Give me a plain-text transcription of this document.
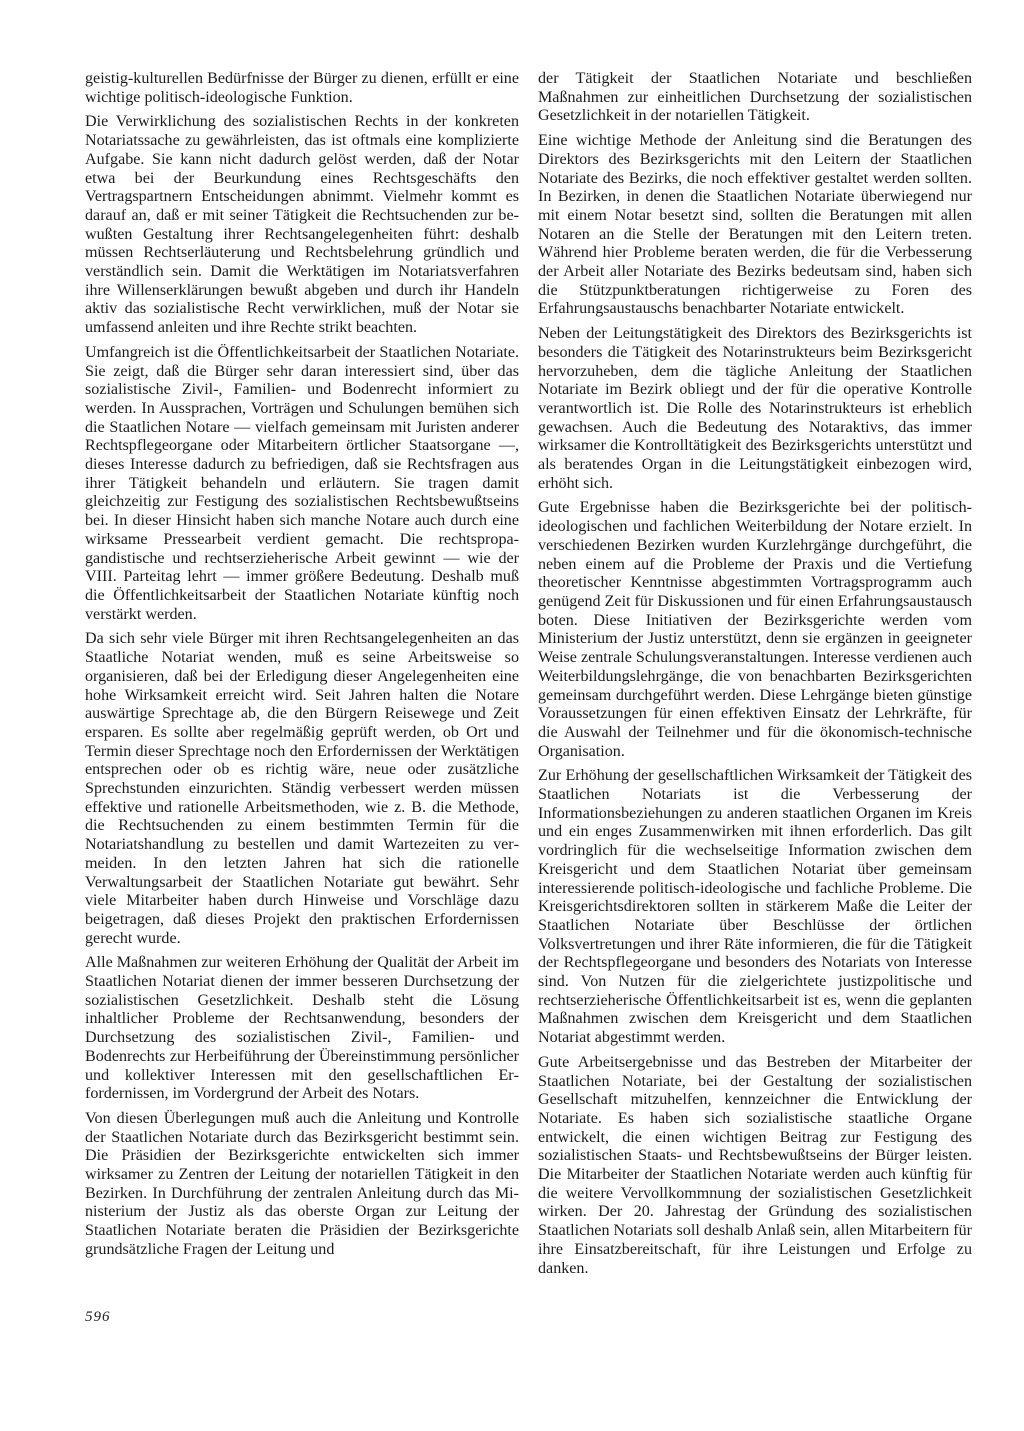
geistig-kulturellen Bedürfnisse der Bürger zu dienen, erfüllt er eine wichtige politisch-ideologische Funktion.

Die Verwirklichung des sozialistischen Rechts in der konkreten Notariatssache zu gewährleisten, das ist oftmals eine komplizierte Aufgabe. Sie kann nicht dadurch gelöst werden, daß der Notar etwa bei der Beurkundung eines Rechtsgeschäfts den Vertragspartnern Entscheidungen abnimmt. Vielmehr kommt es darauf an, daß er mit seiner Tätigkeit die Rechtsuchenden zur bewußten Gestaltung ihrer Rechtsangelegenheiten führt: deshalb müssen Rechtserläuterung und Rechtsbelehrung gründlich und verständlich sein. Damit die Werktätigen im Notariatsverfahren ihre Willenserklärungen bewußt abgeben und durch ihr Handeln aktiv das sozialistische Recht verwirklichen, muß der Notar sie umfassend anleiten und ihre Rechte strikt beachten.

Umfangreich ist die Öffentlichkeitsarbeit der Staatlichen Notariate. Sie zeigt, daß die Bürger sehr daran interessiert sind, über das sozialistische Zivil-, Familien- und Bodenrecht informiert zu werden. In Aussprachen, Vorträgen und Schulungen bemühen sich die Staatlichen Notare — vielfach gemeinsam mit Juristen anderer Rechtspflegeorgane oder Mitarbeitern örtlicher Staatsorgane —, dieses Interesse dadurch zu befriedigen, daß sie Rechtsfragen aus ihrer Tätigkeit behandeln und erläutern. Sie tragen damit gleichzeitig zur Festigung des sozialistischen Rechtsbewußtseins bei. In dieser Hinsicht haben sich manche Notare auch durch eine wirksame Pressearbeit verdient gemacht. Die rechtspropagandistische und rechtserzieherische Arbeit gewinnt — wie der VIII. Parteitag lehrt — immer größere Bedeutung. Deshalb muß die Öffentlichkeitsarbeit der Staatlichen Notariate künftig noch verstärkt werden.

Da sich sehr viele Bürger mit ihren Rechtsangelegenheiten an das Staatliche Notariat wenden, muß es seine Arbeitsweise so organisieren, daß bei der Erledigung dieser Angelegenheiten eine hohe Wirksamkeit erreicht wird. Seit Jahren halten die Notare auswärtige Sprechtage ab, die den Bürgern Reisewege und Zeit ersparen. Es sollte aber regelmäßig geprüft werden, ob Ort und Termin dieser Sprechtage noch den Erfordernissen der Werktätigen entsprechen oder ob es richtig wäre, neue oder zusätzliche Sprechstunden einzurichten. Ständig verbessert werden müssen effektive und rationelle Arbeitsmethoden, wie z. B. die Methode, die Rechtsuchenden zu einem bestimmten Termin für die Notariatshandlung zu bestellen und damit Wartezeiten zu vermeiden. In den letzten Jahren hat sich die rationelle Verwaltungsarbeit der Staatlichen Notariate gut bewährt. Sehr viele Mitarbeiter haben durch Hinweise und Vorschläge dazu beigetragen, daß dieses Projekt den praktischen Erfordernissen gerecht wurde.

Alle Maßnahmen zur weiteren Erhöhung der Qualität der Arbeit im Staatlichen Notariat dienen der immer besseren Durchsetzung der sozialistischen Gesetzlichkeit. Deshalb steht die Lösung inhaltlicher Probleme der Rechtsanwendung, besonders der Durchsetzung des sozialistischen Zivil-, Familien- und Bodenrechts zur Herbeiführung der Übereinstimmung persönlicher und kollektiver Interessen mit den gesellschaftlichen Erfordernissen, im Vordergrund der Arbeit des Notars.

Von diesen Überlegungen muß auch die Anleitung und Kontrolle der Staatlichen Notariate durch das Bezirksgericht bestimmt sein. Die Präsidien der Bezirksgerichte entwickelten sich immer wirksamer zu Zentren der Leitung der notariellen Tätigkeit in den Bezirken. In Durchführung der zentralen Anleitung durch das Ministerium der Justiz als das oberste Organ zur Leitung der Staatlichen Notariate beraten die Präsidien der Bezirksgerichte grundsätzliche Fragen der Leitung und

der Tätigkeit der Staatlichen Notariate und beschließen Maßnahmen zur einheitlichen Durchsetzung der sozialistischen Gesetzlichkeit in der notariellen Tätigkeit.

Eine wichtige Methode der Anleitung sind die Beratungen des Direktors des Bezirksgerichts mit den Leitern der Staatlichen Notariate des Bezirks, die noch effektiver gestaltet werden sollten. In Bezirken, in denen die Staatlichen Notariate überwiegend nur mit einem Notar besetzt sind, sollten die Beratungen mit allen Notaren an die Stelle der Beratungen mit den Leitern treten. Während hier Probleme beraten werden, die für die Verbesserung der Arbeit aller Notariate des Bezirks bedeutsam sind, haben sich die Stützpunktberatungen richtigerweise zu Foren des Erfahrungsaustauschs benachbarter Notariate entwickelt.

Neben der Leitungstätigkeit des Direktors des Bezirksgerichts ist besonders die Tätigkeit des Notarinstrukteurs beim Bezirksgericht hervorzuheben, dem die tägliche Anleitung der Staatlichen Notariate im Bezirk obliegt und der für die operative Kontrolle verantwortlich ist. Die Rolle des Notarinstrukteurs ist erheblich gewachsen. Auch die Bedeutung des Notaraktivs, das immer wirksamer die Kontrolltätigkeit des Bezirksgerichts unterstützt und als beratendes Organ in die Leitungstätigkeit einbezogen wird, erhöht sich.

Gute Ergebnisse haben die Bezirksgerichte bei der politisch-ideologischen und fachlichen Weiterbildung der Notare erzielt. In verschiedenen Bezirken wurden Kurzlehrgänge durchgeführt, die neben einem auf die Probleme der Praxis und die Vertiefung theoretischer Kenntnisse abgestimmten Vortragsprogramm auch genügend Zeit für Diskussionen und für einen Erfahrungsaustausch boten. Diese Initiativen der Bezirksgerichte werden vom Ministerium der Justiz unterstützt, denn sie ergänzen in geeigneter Weise zentrale Schulungsveranstaltungen. Interesse verdienen auch Weiterbildungslehrgänge, die von benachbarten Bezirksgerichten gemeinsam durchgeführt werden. Diese Lehrgänge bieten günstige Voraussetzungen für einen effektiven Einsatz der Lehrkräfte, für die Auswahl der Teilnehmer und für die ökonomisch-technische Organisation.

Zur Erhöhung der gesellschaftlichen Wirksamkeit der Tätigkeit des Staatlichen Notariats ist die Verbesserung der Informationsbeziehungen zu anderen staatlichen Organen im Kreis und ein enges Zusammenwirken mit ihnen erforderlich. Das gilt vordringlich für die wechselseitige Information zwischen dem Kreisgericht und dem Staatlichen Notariat über gemeinsam interessierende politisch-ideologische und fachliche Probleme. Die Kreisgerichtsdirektoren sollten in stärkerem Maße die Leiter der Staatlichen Notariate über Beschlüsse der örtlichen Volksvertretungen und ihrer Räte informieren, die für die Tätigkeit der Rechtspflegeorgane und besonders des Notariats von Interesse sind. Von Nutzen für die zielgerichtete justizpolitische und rechtserzieherische Öffentlichkeitsarbeit ist es, wenn die geplanten Maßnahmen zwischen dem Kreisgericht und dem Staatlichen Notariat abgestimmt werden.

Gute Arbeitsergebnisse und das Bestreben der Mitarbeiter der Staatlichen Notariate, bei der Gestaltung der sozialistischen Gesellschaft mitzuhelfen, kennzeichner die Entwicklung der Notariate. Es haben sich sozialistische staatliche Organe entwickelt, die einen wichtigen Beitrag zur Festigung des sozialistischen Staats- und Rechtsbewußtseins der Bürger leisten. Die Mitarbeiter der Staatlichen Notariate werden auch künftig für die weitere Vervollkommnung der sozialistischen Gesetzlichkeit wirken. Der 20. Jahrestag der Gründung des sozialistischen Staatlichen Notariats soll deshalb Anlaß sein, allen Mitarbeitern für ihre Einsatzbereitschaft, für ihre Leistungen und Erfolge zu danken.

596
